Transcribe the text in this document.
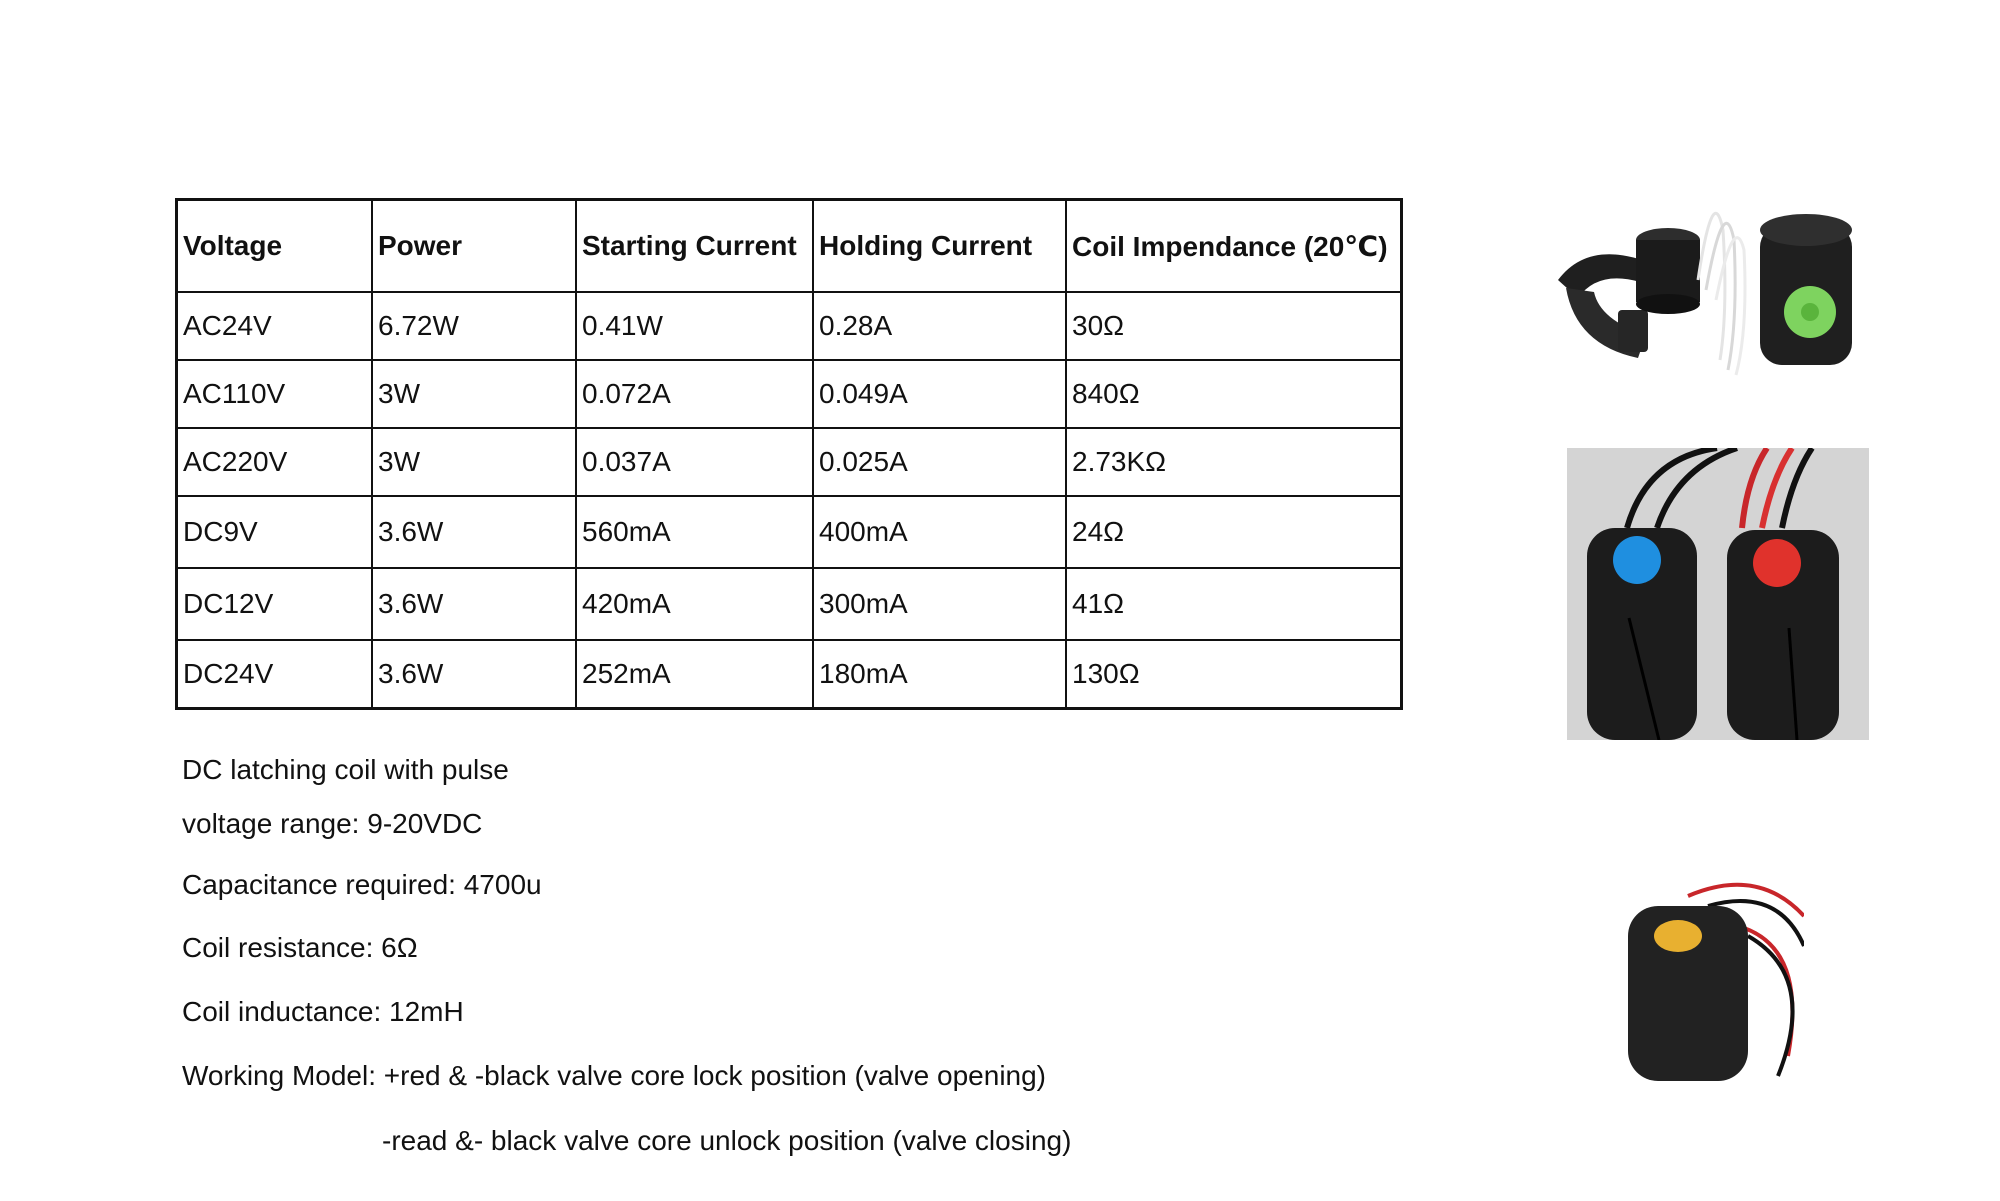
Voltage	Power	Starting Current	Holding Current	Coil Impendance (20℃)
AC24V	6.72W	0.41W	0.28A	30Ω
AC110V	3W	0.072A	0.049A	840Ω
AC220V	3W	0.037A	0.025A	2.73KΩ
DC9V	3.6W	560mA	400mA	24Ω
DC12V	3.6W	420mA	300mA	41Ω
DC24V	3.6W	252mA	180mA	130Ω
DC latching coil with pulse
voltage range: 9-20VDC
Capacitance required: 4700u
Coil resistance: 6Ω
Coil inductance: 12mH
Working Model: +red & -black valve core lock position (valve opening)
-read &- black valve core unlock position (valve closing)
